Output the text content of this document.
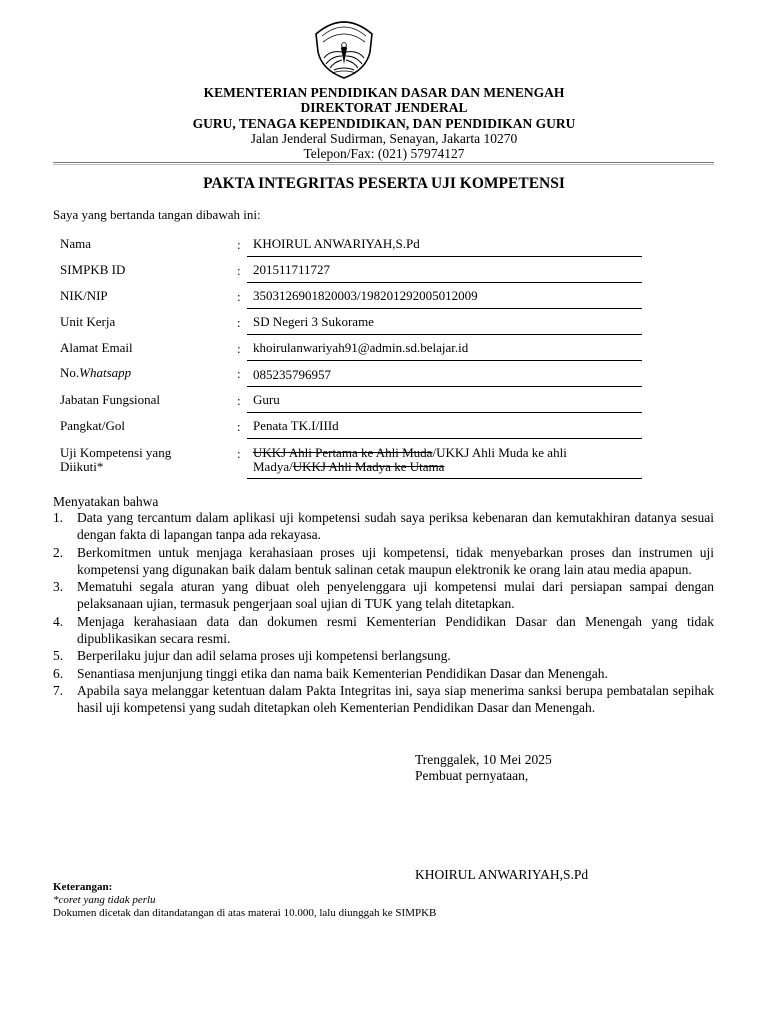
KEMENTERIAN PENDIDIKAN DASAR DAN MENENGAH
DIREKTORAT JENDERAL
GURU, TENAGA KEPENDIDIKAN, DAN PENDIDIKAN GURU
Jalan Jenderal Sudirman, Senayan, Jakarta 10270
Telepon/Fax: (021) 57974127
PAKTA INTEGRITAS PESERTA UJI KOMPETENSI
Saya yang bertanda tangan dibawah ini:
Nama	: KHOIRUL ANWARIYAH,S.Pd
SIMPKB ID	: 201511711727
NIK/NIP	: 3503126901820003/198201292005012009
Unit Kerja	: SD Negeri 3 Sukorame
Alamat Email	: khoirulanwariyah91@admin.sd.belajar.id
No.Whatsapp	: 085235796957
Jabatan Fungsional	: Guru
Pangkat/Gol	: Penata TK.I/IIId
Uji Kompetensi yang Diikuti*
: UKKJ Ahli Pertama ke Ahli Muda/UKKJ Ahli Muda ke ahli Madya/UKKJ Ahli Madya ke Utama
Menyatakan bahwa
1. Data yang tercantum dalam aplikasi uji kompetensi sudah saya periksa kebenaran dan kemutakhiran datanya sesuai dengan fakta di lapangan tanpa ada rekayasa.
2. Berkomitmen untuk menjaga kerahasiaan proses uji kompetensi, tidak menyebarkan proses dan instrumen uji kompetensi yang digunakan baik dalam bentuk salinan cetak maupun elektronik ke orang lain atau media apapun.
3. Mematuhi segala aturan yang dibuat oleh penyelenggara uji kompetensi mulai dari persiapan sampai dengan pelaksanaan ujian, termasuk pengerjaan soal ujian di TUK yang telah ditetapkan.
4. Menjaga kerahasiaan data dan dokumen resmi Kementerian Pendidikan Dasar dan Menengah yang tidak dipublikasikan secara resmi.
5. Berperilaku jujur dan adil selama proses uji kompetensi berlangsung.
6. Senantiasa menjunjung tinggi etika dan nama baik Kementerian Pendidikan Dasar dan Menengah.
7. Apabila saya melanggar ketentuan dalam Pakta Integritas ini, saya siap menerima sanksi berupa pembatalan sepihak hasil uji kompetensi yang sudah ditetapkan oleh Kementerian Pendidikan Dasar dan Menengah.
Trenggalek, 10 Mei 2025
Pembuat pernyataan,
KHOIRUL ANWARIYAH,S.Pd
Keterangan:
*coret yang tidak perlu
Dokumen dicetak dan ditandatangan di atas materai 10.000, lalu diunggah ke SIMPKB
